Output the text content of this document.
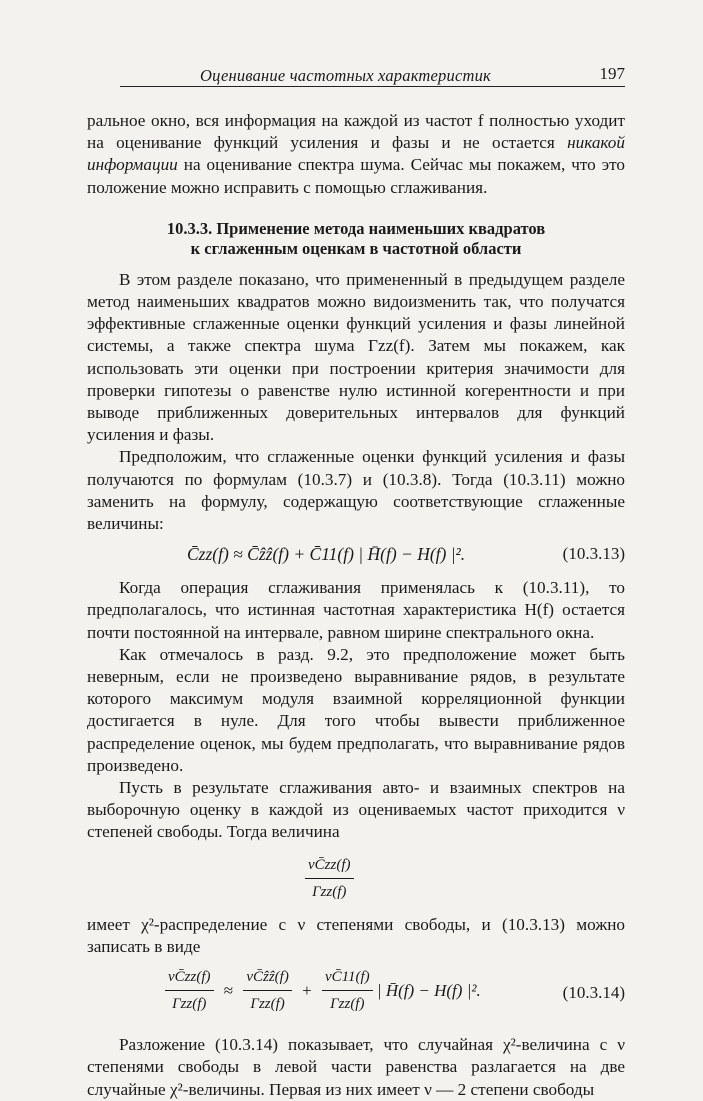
Оценивание частотных характеристик	197

ральное окно, вся информация на каждой из частот f полностью уходит на оценивание функций усиления и фазы и не остается никакой информации на оценивание спектра шума. Сейчас мы покажем, что это положение можно исправить с помощью сглаживания.

10.3.3. Применение метода наименьших квадратов
к сглаженным оценкам в частотной области

В этом разделе показано, что примененный в предыдущем разделе метод наименьших квадратов можно видоизменить так, что получатся эффективные сглаженные оценки функций усиления и фазы линейной системы, а также спектра шума Γzz(f). Затем мы покажем, как использовать эти оценки при построении критерия значимости для проверки гипотезы о равенстве нулю истинной когерентности и при выводе приближенных доверительных интервалов для функций усиления и фазы.

Предположим, что сглаженные оценки функций усиления и фазы получаются по формулам (10.3.7) и (10.3.8). Тогда (10.3.11) можно заменить на формулу, содержащую соответствующие сглаженные величины:

C̄zz(f) ≈ C̄ẑẑ(f) + C̄11(f) | H̄(f) − H(f) |².	(10.3.13)

Когда операция сглаживания применялась к (10.3.11), то предполагалось, что истинная частотная характеристика H(f) остается почти постоянной на интервале, равном ширине спектрального окна.

Как отмечалось в разд. 9.2, это предположение может быть неверным, если не произведено выравнивание рядов, в результате которого максимум модуля взаимной корреляционной функции достигается в нуле. Для того чтобы вывести приближенное распределение оценок, мы будем предполагать, что выравнивание рядов произведено.

Пусть в результате сглаживания авто- и взаимных спектров на выборочную оценку в каждой из оцениваемых частот приходится ν степеней свободы. Тогда величина

νC̄zz(f)
Γzz(f)

имеет χ²-распределение с ν степенями свободы, и (10.3.13) можно записать в виде

$\frac{\nu C̄zz(f)}{\text{Γzz(f)}} \approx \frac{\text{νC̄ẑẑ(f)}}{\text{Γzz(f)}} + \frac{\nu C̄11(f)}{\text{Γzz(f)}}$ | H̄(f) − H(f) |².	(10.3.14)

Разложение (10.3.14) показывает, что случайная χ²-величина с ν степенями свободы в левой части равенства разлагается на две случайные χ²-величины. Первая из них имеет ν — 2 степени свободы
